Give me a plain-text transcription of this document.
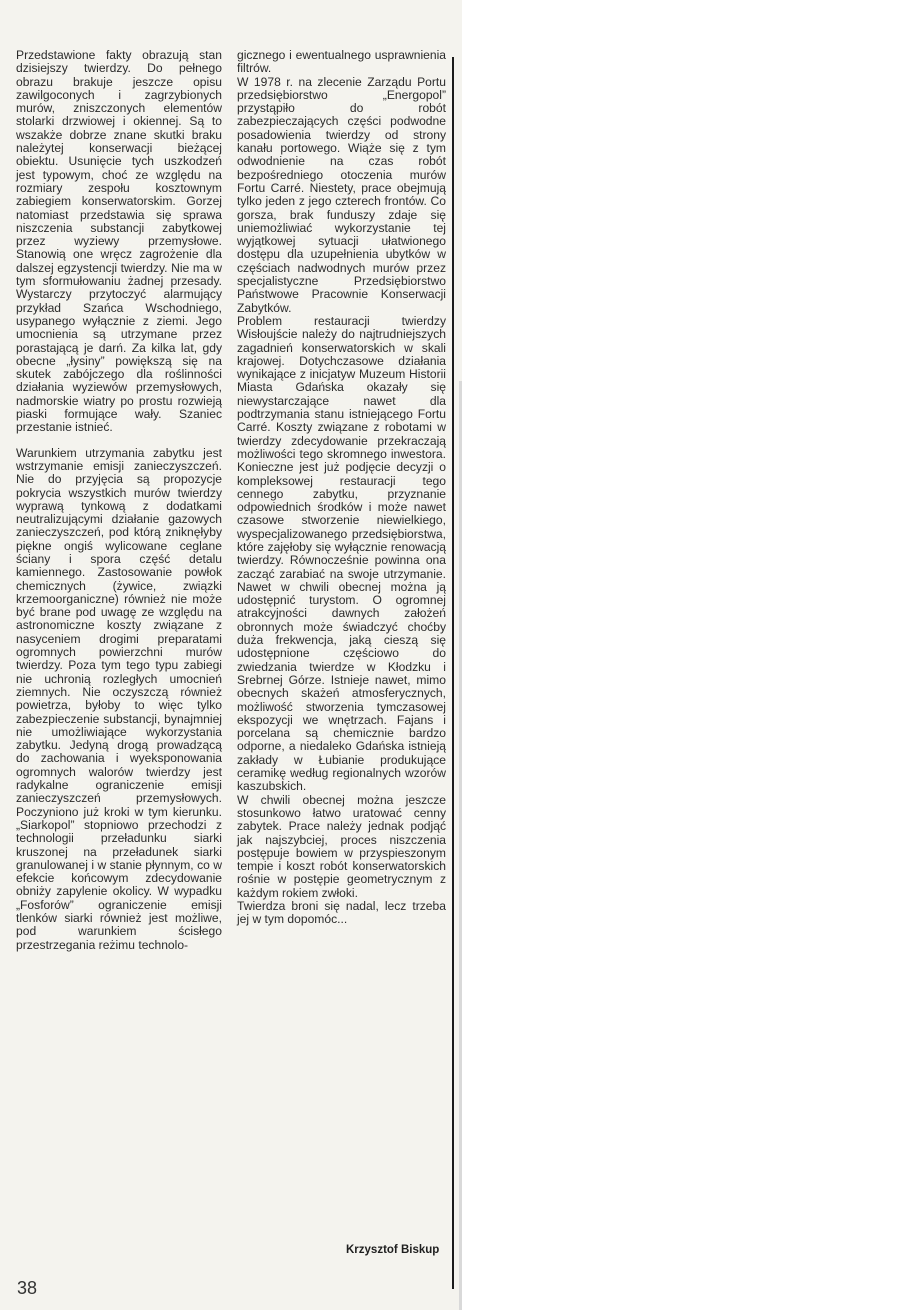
Przedstawione fakty obrazują stan dzisiejszy twierdzy. Do pełnego obrazu brakuje jeszcze opisu zawilgoconych i zagrzybionych murów, zniszczonych elementów stolarki drzwiowej i okiennej. Są to wszakże dobrze znane skutki braku należytej konserwacji bieżącej obiektu. Usunięcie tych uszkodzeń jest typowym, choć ze względu na rozmiary zespołu kosztownym zabiegiem konserwatorskim. Gorzej natomiast przedstawia się sprawa niszczenia substancji zabytkowej przez wyziewy przemysłowe. Stanowią one wręcz zagrożenie dla dalszej egzystencji twierdzy. Nie ma w tym sformułowaniu żadnej przesady. Wystarczy przytoczyć alarmujący przykład Szańca Wschodniego, usypanego wyłącznie z ziemi. Jego umocnienia są utrzymane przez porastającą je darń. Za kilka lat, gdy obecne „łysiny” powiększą się na skutek zabójczego dla roślinności działania wyziewów przemysłowych, nadmorskie wiatry po prostu rozwieją piaski formujące wały. Szaniec przestanie istnieć.

Warunkiem utrzymania zabytku jest wstrzymanie emisji zanieczyszczeń. Nie do przyjęcia są propozycje pokrycia wszystkich murów twierdzy wyprawą tynkową z dodatkami neutralizującymi działanie gazowych zanieczyszczeń, pod którą zniknęłyby piękne ongiś wylicowane ceglane ściany i spora część detalu kamiennego. Zastosowanie powłok chemicznych (żywice, związki krzemoorganiczne) również nie może być brane pod uwagę ze względu na astronomiczne koszty związane z nasyceniem drogimi preparatami ogromnych powierzchni murów twierdzy. Poza tym tego typu zabiegi nie uchronią rozległych umocnień ziemnych. Nie oczyszczą również powietrza, byłoby to więc tylko zabezpieczenie substancji, bynajmniej nie umożliwiające wykorzystania zabytku. Jedyną drogą prowadzącą do zachowania i wyeksponowania ogromnych walorów twierdzy jest radykalne ograniczenie emisji zanieczyszczeń przemysłowych. Poczyniono już kroki w tym kierunku. „Siarkopol” stopniowo przechodzi z technologii przeładunku siarki kruszonej na przeładunek siarki granulowanej i w stanie płynnym, co w efekcie końcowym zdecydowanie obniży zapylenie okolicy. W wypadku „Fosforów” ograniczenie emisji tlenków siarki również jest możliwe, pod warunkiem ścisłego przestrzegania reżimu technolo-

gicznego i ewentualnego usprawnienia filtrów.

W 1978 r. na zlecenie Zarządu Portu przedsiębiorstwo „Energopol” przystąpiło do robót zabezpieczających części podwodne posadowienia twierdzy od strony kanału portowego. Wiąże się z tym odwodnienie na czas robót bezpośredniego otoczenia murów Fortu Carré. Niestety, prace obejmują tylko jeden z jego czterech frontów. Co gorsza, brak funduszy zdaje się uniemożliwiać wykorzystanie tej wyjątkowej sytuacji ułatwionego dostępu dla uzupełnienia ubytków w częściach nadwodnych murów przez specjalistyczne Przedsiębiorstwo Państwowe Pracownie Konserwacji Zabytków.

Problem restauracji twierdzy Wisłoujście należy do najtrudniejszych zagadnień konserwatorskich w skali krajowej. Dotychczasowe działania wynikające z inicjatyw Muzeum Historii Miasta Gdańska okazały się niewystarczające nawet dla podtrzymania stanu istniejącego Fortu Carré. Koszty związane z robotami w twierdzy zdecydowanie przekraczają możliwości tego skromnego inwestora. Konieczne jest już podjęcie decyzji o kompleksowej restauracji tego cennego zabytku, przyznanie odpowiednich środków i może nawet czasowe stworzenie niewielkiego, wyspecjalizowanego przedsiębiorstwa, które zajęłoby się wyłącznie renowacją twierdzy. Równocześnie powinna ona zacząć zarabiać na swoje utrzymanie. Nawet w chwili obecnej można ją udostępnić turystom. O ogromnej atrakcyjności dawnych założeń obronnych może świadczyć choćby duża frekwencja, jaką cieszą się udostępnione częściowo do zwiedzania twierdze w Kłodzku i Srebrnej Górze. Istnieje nawet, mimo obecnych skażeń atmosferycznych, możliwość stworzenia tymczasowej ekspozycji we wnętrzach. Fajans i porcelana są chemicznie bardzo odporne, a niedaleko Gdańska istnieją zakłady w Łubianie produkujące ceramikę według regionalnych wzorów kaszubskich.

W chwili obecnej można jeszcze stosunkowo łatwo uratować cenny zabytek. Prace należy jednak podjąć jak najszybciej, proces niszczenia postępuje bowiem w przyspieszonym tempie i koszt robót konserwatorskich rośnie w postępie geometrycznym z każdym rokiem zwłoki.

Twierdza broni się nadal, lecz trzeba jej w tym dopomóc...

Krzysztof Biskup
38
